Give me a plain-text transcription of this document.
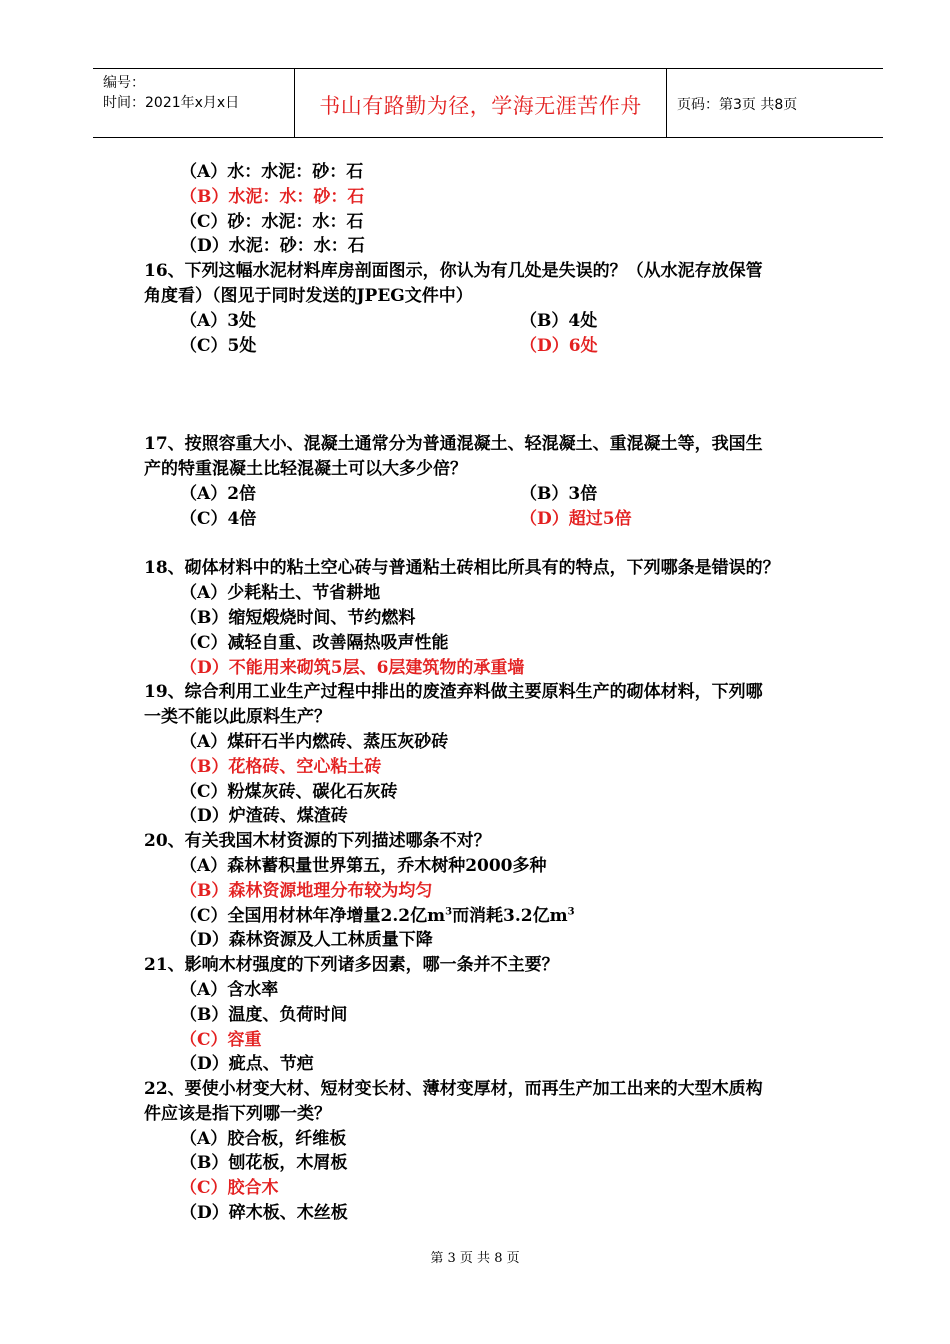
编号：
时间：2021年x月x日	书山有路勤为径，学海无涯苦作舟	页码：第3页 共8页
（A）水：水泥：砂：石
（B）水泥：水：砂：石
（C）砂：水泥：水：石
（D）水泥：砂：水：石
16、下列这幅水泥材料库房剖面图示，你认为有几处是失误的？（从水泥存放保管
角度看）（图见于同时发送的JPEG文件中）
（A）3处	（B）4处
（C）5处	（D）6处
17、按照容重大小、混凝土通常分为普通混凝土、轻混凝土、重混凝土等，我国生
产的特重混凝土比轻混凝土可以大多少倍？
（A）2倍	（B）3倍
（C）4倍	（D）超过5倍
18、砌体材料中的粘土空心砖与普通粘土砖相比所具有的特点，下列哪条是错误的？
（A）少耗粘土、节省耕地
（B）缩短煅烧时间、节约燃料
（C）减轻自重、改善隔热吸声性能
（D）不能用来砌筑5层、6层建筑物的承重墙
19、综合利用工业生产过程中排出的废渣弃料做主要原料生产的砌体材料，下列哪
一类不能以此原料生产？
（A）煤矸石半内燃砖、蒸压灰砂砖
（B）花格砖、空心粘土砖
（C）粉煤灰砖、碳化石灰砖
（D）炉渣砖、煤渣砖
20、有关我国木材资源的下列描述哪条不对？
（A）森林蓄积量世界第五，乔木树种2000多种
（B）森林资源地理分布较为均匀
（C）全国用材林年净增量2.2亿$m^3$而消耗3.2亿$m^3$
（D）森林资源及人工林质量下降
21、影响木材强度的下列诸多因素，哪一条并不主要？
（A）含水率
（B）温度、负荷时间
（C）容重
（D）疵点、节疤
22、要使小材变大材、短材变长材、薄材变厚材，而再生产加工出来的大型木质构
件应该是指下列哪一类？
（A）胶合板，纤维板
（B）刨花板，木屑板
（C）胶合木
（D）碎木板、木丝板
第 3 页 共 8 页
